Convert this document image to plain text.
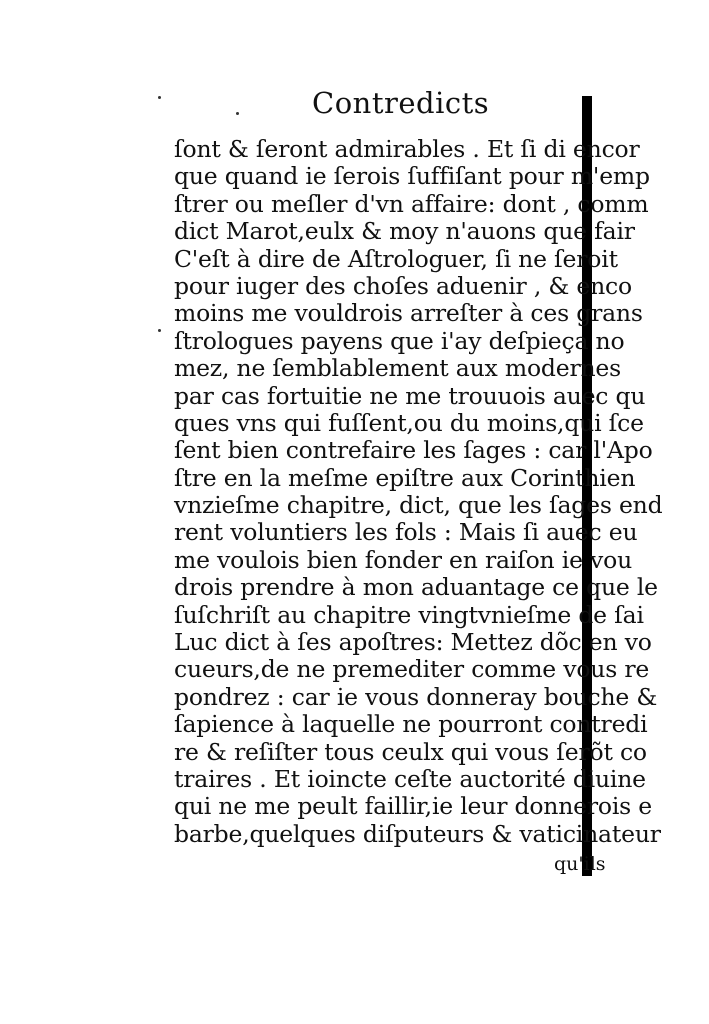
Contredicts
ſont & ſeront admirables . Et ſi di encor
que quand ie ſerois ſuffiſant pour m'emp
ſtrer ou meſler d'vn affaire: dont , comm
dict Marot,eulx & moy n'auons que fair
C'eſt à dire de Aſtrologuer, ſi ne ſeroit
pour iuger des choſes aduenir , & enco
moins me vouldrois arreſter à ces grans
ſtrologues payens que i'ay deſpieça no
mez, ne ſemblablement aux modernes
par cas fortuitie ne me trouuois auec qu
ques vns qui fuſſent,ou du moins,qui ſce
ſent bien contrefaire les ſages : car l'Apo
ſtre en la meſme epiſtre aux Corinthien
vnzieſme chapitre, dict, que les ſages end
rent voluntiers les fols : Mais ſi auec eu
me voulois bien fonder en raiſon ie vou
drois prendre à mon aduantage ce que le
ſuſchriſt au chapitre vingtvnieſme de ſai
Luc dict à ſes apoſtres: Mettez dõc en vo
cueurs,de ne premediter comme vous re
pondrez : car ie vous donneray bouche &
ſapience à laquelle ne pourront contredi
re & reſiſter tous ceulx qui vous ſerõt co
traires . Et ioincte ceſte auctorité diuine
qui ne me peult faillir,ie leur donnerois e
barbe,quelques diſputeurs & vaticinateur
qu'ils
